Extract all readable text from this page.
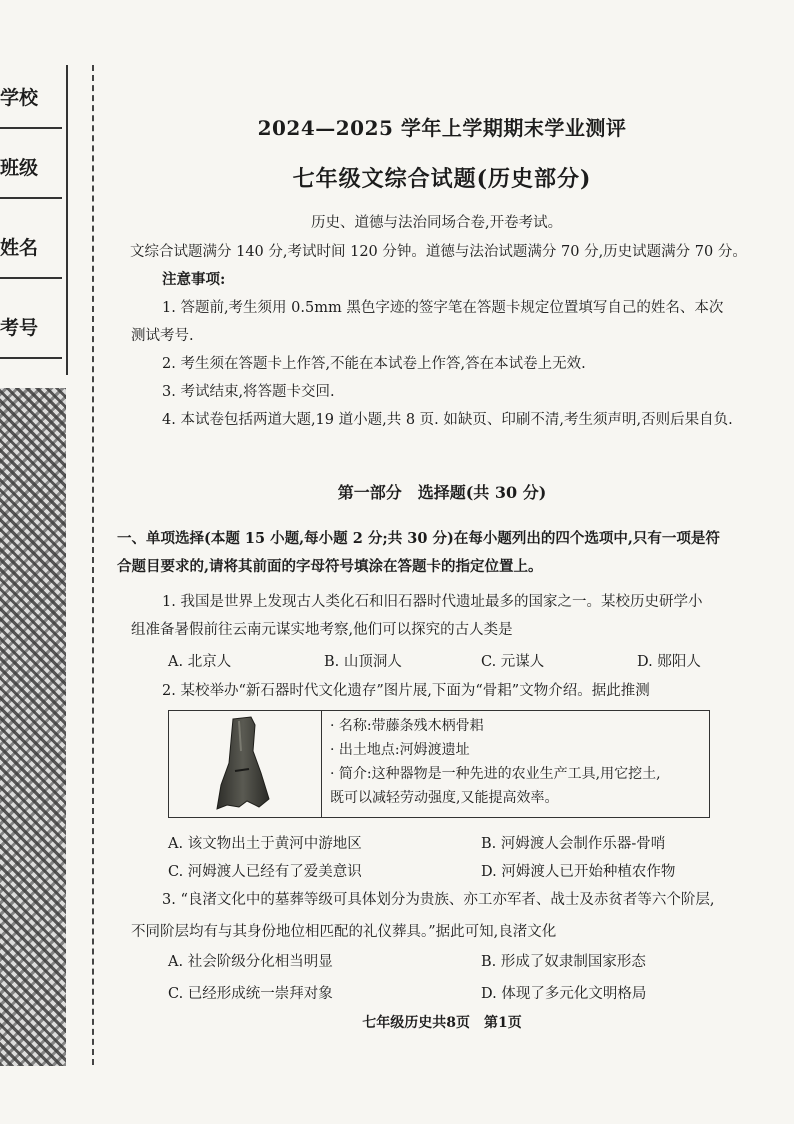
学校
班级
姓名
考号
2024—2025 学年上学期期末学业测评
七年级文综合试题(历史部分)
历史、道德与法治同场合卷,开卷考试。
文综合试题满分 140 分,考试时间 120 分钟。道德与法治试题满分 70 分,历史试题满分 70 分。
注意事项:
1. 答题前,考生须用 0.5mm 黑色字迹的签字笔在答题卡规定位置填写自己的姓名、本次
测试考号.
2. 考生须在答题卡上作答,不能在本试卷上作答,答在本试卷上无效.
3. 考试结束,将答题卡交回.
4. 本试卷包括两道大题,19 道小题,共 8 页. 如缺页、印刷不清,考生须声明,否则后果自负.
第一部分　选择题(共 30 分)
一、单项选择(本题 15 小题,每小题 2 分;共 30 分)在每小题列出的四个选项中,只有一项是符
合题目要求的,请将其前面的字母符号填涂在答题卡的指定位置上。
1. 我国是世界上发现古人类化石和旧石器时代遗址最多的国家之一。某校历史研学小
组准备暑假前往云南元谋实地考察,他们可以探究的古人类是
A. 北京人	B. 山顶洞人	C. 元谋人	D. 郧阳人
2. 某校举办“新石器时代文化遗存”图片展,下面为“骨耜”文物介绍。据此推测
· 名称:带藤条残木柄骨耜
· 出土地点:河姆渡遗址
· 简介:这种器物是一种先进的农业生产工具,用它挖土,
既可以减轻劳动强度,又能提高效率。
A. 该文物出土于黄河中游地区	B. 河姆渡人会制作乐器-骨哨
C. 河姆渡人已经有了爱美意识	D. 河姆渡人已开始种植农作物
3. “良渚文化中的墓葬等级可具体划分为贵族、亦工亦军者、战士及赤贫者等六个阶层,
不同阶层均有与其身份地位相匹配的礼仪葬具。”据此可知,良渚文化
A. 社会阶级分化相当明显	B. 形成了奴隶制国家形态
C. 已经形成统一崇拜对象	D. 体现了多元化文明格局
七年级历史共8页　第1页
